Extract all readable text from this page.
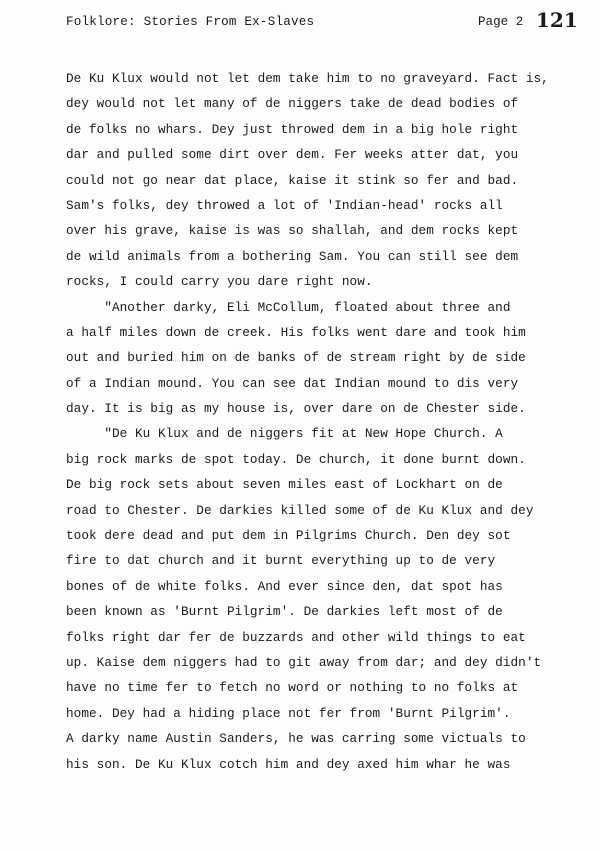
Folklore: Stories From Ex-Slaves	Page 2 121
De Ku Klux would not let dem take him to no graveyard. Fact is,
dey would not let many of de niggers take de dead bodies of
de folks no whars. Dey just throwed dem in a big hole right
dar and pulled some dirt over dem. Fer weeks atter dat, you
could not go near dat place, kaise it stink so fer and bad.
Sam's folks, dey throwed a lot of 'Indian-head' rocks all
over his grave, kaise is was so shallah, and dem rocks kept
de wild animals from a bothering Sam. You can still see dem
rocks, I could carry you dare right now.
"Another darky, Eli McCollum, floated about three and
a half miles down de creek. His folks went dare and took him
out and buried him on de banks of de stream right by de side
of a Indian mound. You can see dat Indian mound to dis very
day. It is big as my house is, over dare on de Chester side.
"De Ku Klux and de niggers fit at New Hope Church. A
big rock marks de spot today. De church, it done burnt down.
De big rock sets about seven miles east of Lockhart on de
road to Chester. De darkies killed some of de Ku Klux and dey
took dere dead and put dem in Pilgrims Church. Den dey sot
fire to dat church and it burnt everything up to de very
bones of de white folks. And ever since den, dat spot has
been known as 'Burnt Pilgrim'. De darkies left most of de
folks right dar fer de buzzards and other wild things to eat
up. Kaise dem niggers had to git away from dar; and dey didn't
have no time fer to fetch no word or nothing to no folks at
home. Dey had a hiding place not fer from 'Burnt Pilgrim'.
A darky name Austin Sanders, he was carring some victuals to
his son. De Ku Klux cotch him and dey axed him whar he was
